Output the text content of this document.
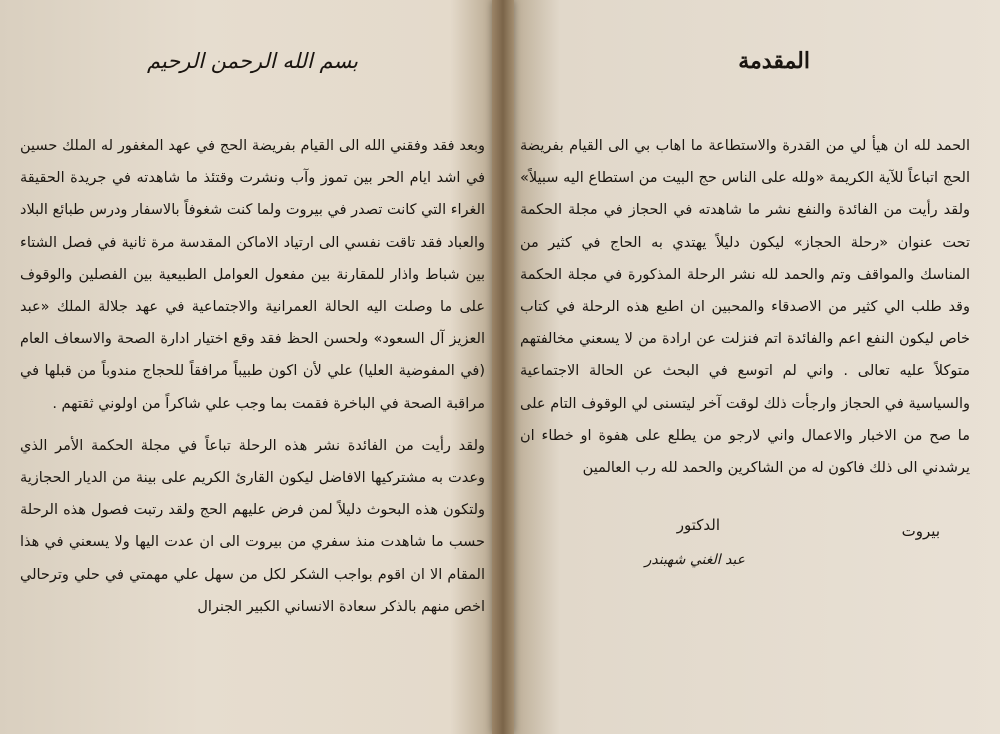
بسم الله الرحمن الرحيم

وبعد فقد وفقني الله الى القيام بفريضة الحج في عهد المغفور له الملك حسين في اشد ايام الحر بين تموز وآب ونشرت وقتئذ ما شاهدته في جريدة الحقيقة الغراء التي كانت تصدر في بيروت ولما كنت شغوفاً بالاسفار ودرس طبائع البلاد والعباد فقد تاقت نفسي الى ارتياد الاماكن المقدسة مرة ثانية في فصل الشتاء بين شباط واذار للمقارنة بين مفعول العوامل الطبيعية بين الفصلين والوقوف على ما وصلت اليه الحالة العمرانية والاجتماعية في عهد جلالة الملك «عبد العزيز آل السعود» ولحسن الحظ فقد وقع اختيار ادارة الصحة والاسعاف العام (في المفوضية العليا) علي لأن اكون طبيباً مرافقاً للحجاج مندوباً من قبلها في مراقبة الصحة في الباخرة فقمت بما وجب علي شاكراً من اولوني ثقتهم .

ولقد رأيت من الفائدة نشر هذه الرحلة تباعاً في مجلة الحكمة الأمر الذي وعدت به مشتركيها الافاضل ليكون القارئ الكريم على بينة من الديار الحجازية ولتكون هذه البحوث دليلاً لمن فرض عليهم الحج ولقد رتبت فصول هذه الرحلة حسب ما شاهدت منذ سفري من بيروت الى ان عدت اليها ولا يسعني في هذا المقام الا ان اقوم بواجب الشكر لكل من سهل علي مهمتي في حلي وترحالي اخص منهم بالذكر سعادة الانساني الكبير الجنرال

المقدمة

الحمد لله ان هيأ لي من القدرة والاستطاعة ما اهاب بي الى القيام بفريضة الحج اتباعاً للآية الكريمة «ولله على الناس حج البيت من استطاع اليه سبيلاً» ولقد رأيت من الفائدة والنفع نشر ما شاهدته في الحجاز في مجلة الحكمة تحت عنوان «رحلة الحجاز» ليكون دليلاً يهتدي به الحاج في كثير من المناسك والمواقف وتم والحمد لله نشر الرحلة المذكورة في مجلة الحكمة وقد طلب الي كثير من الاصدقاء والمحبين ان اطبع هذه الرحلة في كتاب خاص ليكون النفع اعم والفائدة اتم فنزلت عن ارادة من لا يسعني مخالفتهم متوكلاً عليه تعالى . واني لم اتوسع في البحث عن الحالة الاجتماعية والسياسية في الحجاز وارجأت ذلك لوقت آخر ليتسنى لي الوقوف التام على ما صح من الاخبار والاعمال واني لارجو من يطلع على هفوة او خطاء ان يرشدني الى ذلك فاكون له من الشاكرين والحمد لله رب العالمين

بيروت
الدكتور
عبد الغني شهبندر
